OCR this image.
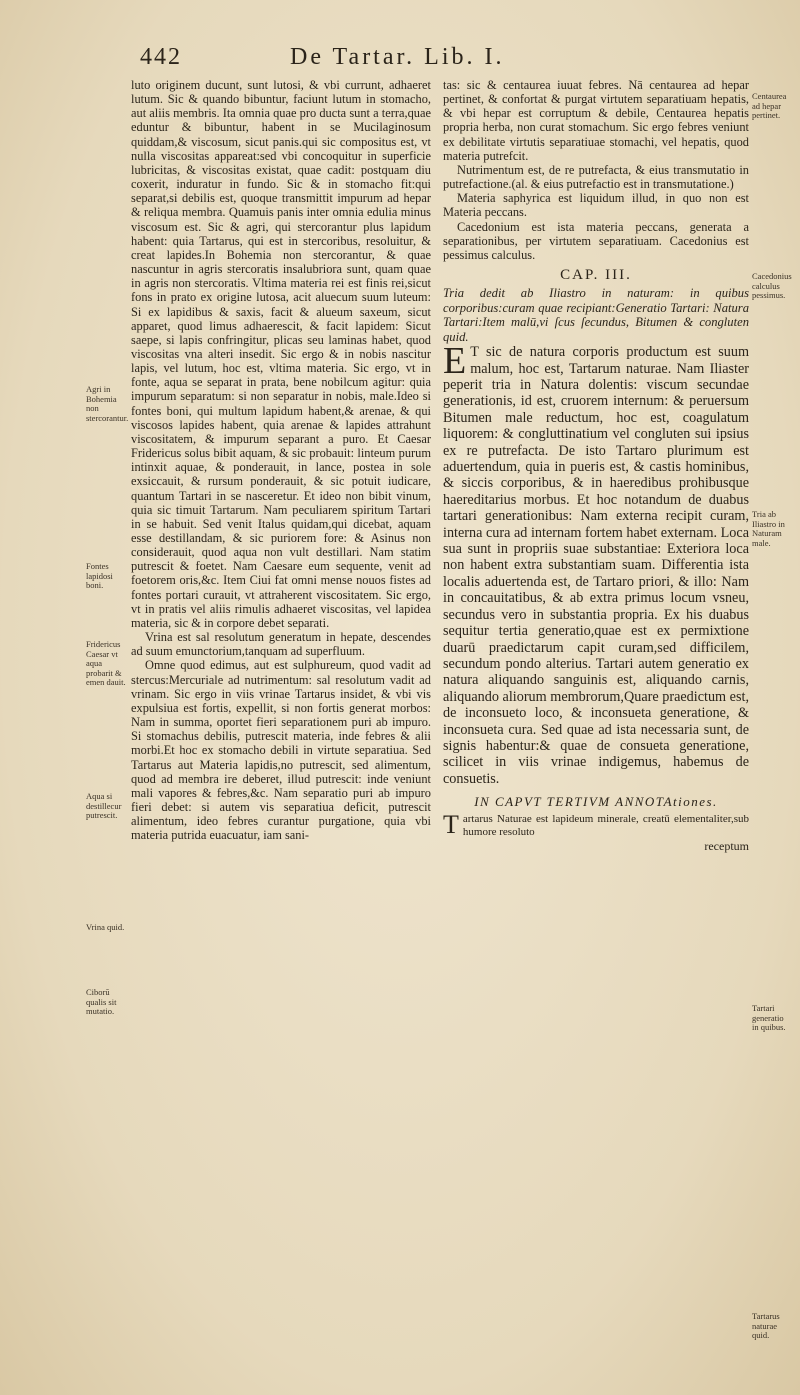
442	De Tartar. Lib. I.
Agri in Bohemia non stercorantur.
Fontes lapidosi boni.
Fridericus Caesar vt aqua probarit & emen dauit.
Aqua si destillecur putrescit.
Vrina quid.
Ciborū qualis sit mutatio.

luto originem ducunt, sunt lutosi, & vbi currunt, adhaeret lutum. Sic & quando bibuntur, faciunt lutum in stomacho, aut aliis membris. Ita omnia quae pro ducta sunt a terra,quae eduntur & bibuntur, habent in se Mucilaginosum quiddam,& viscosum, sicut panis.qui sic compositus est, vt nulla viscositas appareat:sed vbi concoquitur in superficie lubricitas, & viscositas existat, quae cadit: postquam diu coxerit, induratur in fundo. Sic & in stomacho fit:qui separat,si debilis est, quoque transmittit impurum ad hepar & reliqua membra. Quamuis panis inter omnia edulia minus viscosum est. Sic & agri, qui stercorantur plus lapidum habent: quia Tartarus, qui est in stercoribus, resoluitur, & creat lapides.In Bohemia non stercorantur, & quae nascuntur in agris stercoratis insalubriora sunt, quam quae in agris non stercoratis. Vltima materia rei est finis rei,sicut fons in prato ex origine lutosa, acit aluecum suum luteum: Si ex lapidibus & saxis, facit & alueum saxeum, sicut apparet, quod limus adhaerescit, & facit lapidem: Sicut saepe, si lapis confringitur, plicas seu laminas habet, quod viscositas vna alteri insedit. Sic ergo & in nobis nascitur lapis, vel lutum, hoc est, vltima materia. Sic ergo, vt in fonte, aqua se separat in prata, bene nobilcum agitur: quia impurum separatum: si non separatur in nobis, male.Ideo si fontes boni, qui multum lapidum habent,& arenae, & qui viscosos lapides habent, quia arenae & lapides attrahunt viscositatem, & impurum separant a puro. Et Caesar Fridericus solus bibit aquam, & sic probauit: linteum purum intinxit aquae, & ponderauit, in lance, postea in sole exsiccauit, & rursum ponderauit, & sic potuit iudicare, quantum Tartari in se nasceretur. Et ideo non bibit vinum, quia sic timuit Tartarum. Nam peculiarem spiritum Tartari in se habuit. Sed venit Italus quidam,qui dicebat, aquam esse destillandam, & sic puriorem fore: & Asinus non considerauit, quod aqua non vult destillari. Nam statim putrescit & foetet. Nam Caesare eum sequente, venit ad foetorem oris,&c. Item Ciui fat omni mense nouos fistes ad fontes portari curauit, vt attraherent viscositatem. Sic ergo, vt in pratis vel aliis rimulis adhaeret viscositas, vel lapidea materia, sic & in corpore debet separati.

Vrina est sal resolutum generatum in hepate, descendes ad suum emunctorium,tanquam ad superfluum.

Omne quod edimus, aut est sulphureum, quod vadit ad stercus:Mercuriale ad nutrimentum: sal resolutum vadit ad vrinam. Sic ergo in viis vrinae Tartarus insidet, & vbi vis expulsiua est fortis, expellit, si non fortis generat morbos: Nam in summa, oportet fieri separationem puri ab impuro. Si stomachus debilis, putrescit materia, inde febres & alii morbi.Et hoc ex stomacho debili in virtute separatiua. Sed Tartarus aut Materia lapidis,no putrescit, sed alimentum, quod ad membra ire deberet, illud putrescit: inde veniunt mali vapores & febres,&c. Nam separatio puri ab impuro fieri debet: si autem vis separatiua deficit, putrescit alimentum, ideo febres curantur purgatione, quia vbi materia putrida euacuatur, iam sani-

Centaurea ad hepar pertinet.
Cacedonius calculus pessimus.
Tria ab Iliastro in Naturam male.
Tartari generatio in quibus.
Tartarus naturae quid.

tas: sic & centaurea iuuat febres. Nā centaurea ad hepar pertinet, & confortat & purgat virtutem separatiuam hepatis, & vbi hepar est corruptum & debile, Centaurea hepatis propria herba, non curat stomachum. Sic ergo febres veniunt ex debilitate virtutis separatiuae stomachi, vel hepatis, quod materia putrefcit.

Nutrimentum est, de re putrefacta, & eius transmutatio in putrefactione.(al. & eius putrefactio est in transmutatione.)

Materia saphyrica est liquidum illud, in quo non est Materia peccans.

Cacedonium est ista materia peccans, generata a separationibus, per virtutem separatiuam. Cacedonius est pessimus calculus.

CAP. III.

Tria dedit ab Iliastro in naturam: in quibus corporibus:curam quae recipiant:Generatio Tartari: Natura Tartari:Item malū,vi ſcus ſecundus, Bitumen & congluten quid.

E T sic de natura corporis productum est suum malum, hoc est, Tartarum naturae. Nam Iliaster peperit tria in Natura dolentis: viscum secundae generationis, id est, cruorem internum: & peruersum Bitumen male reductum, hoc est, coagulatum liquorem: & congluttinatium vel congluten sui ipsius ex re putrefacta. De isto Tartaro plurimum est aduertendum, quia in pueris est, & castis hominibus, & siccis corporibus, & in haeredibus prohibusque haereditarius morbus. Et hoc notandum de duabus tartari generationibus: Nam externa recipit curam, interna cura ad internam fortem habet externam. Loca sua sunt in propriis suae substantiae: Exteriora loca non habent extra substantiam suam. Differentia ista localis aduertenda est, de Tartaro priori, & illo: Nam in concauitatibus, & ab extra primus locum vsneu, secundus vero in substantia propria. Ex his duabus sequitur tertia generatio,quae est ex permixtione duarū praedictarum capit curam,sed difficilem, secundum pondo alterius. Tartari autem generatio ex natura aliquando sanguinis est, aliquando carnis, aliquando aliorum membrorum,Quare praedictum est, de inconsueto loco, & inconsueta generatione, & inconsueta cura. Sed quae ad ista necessaria sunt, de signis habentur:& quae de consueta generatione, scilicet in viis vrinae indigemus, habemus de consuetis.
IN CAPVT TERTIVM ANNOTAtiones.
T artarus Naturae est lapideum minerale, creatū elementaliter,sub humore resoluto
receptum
